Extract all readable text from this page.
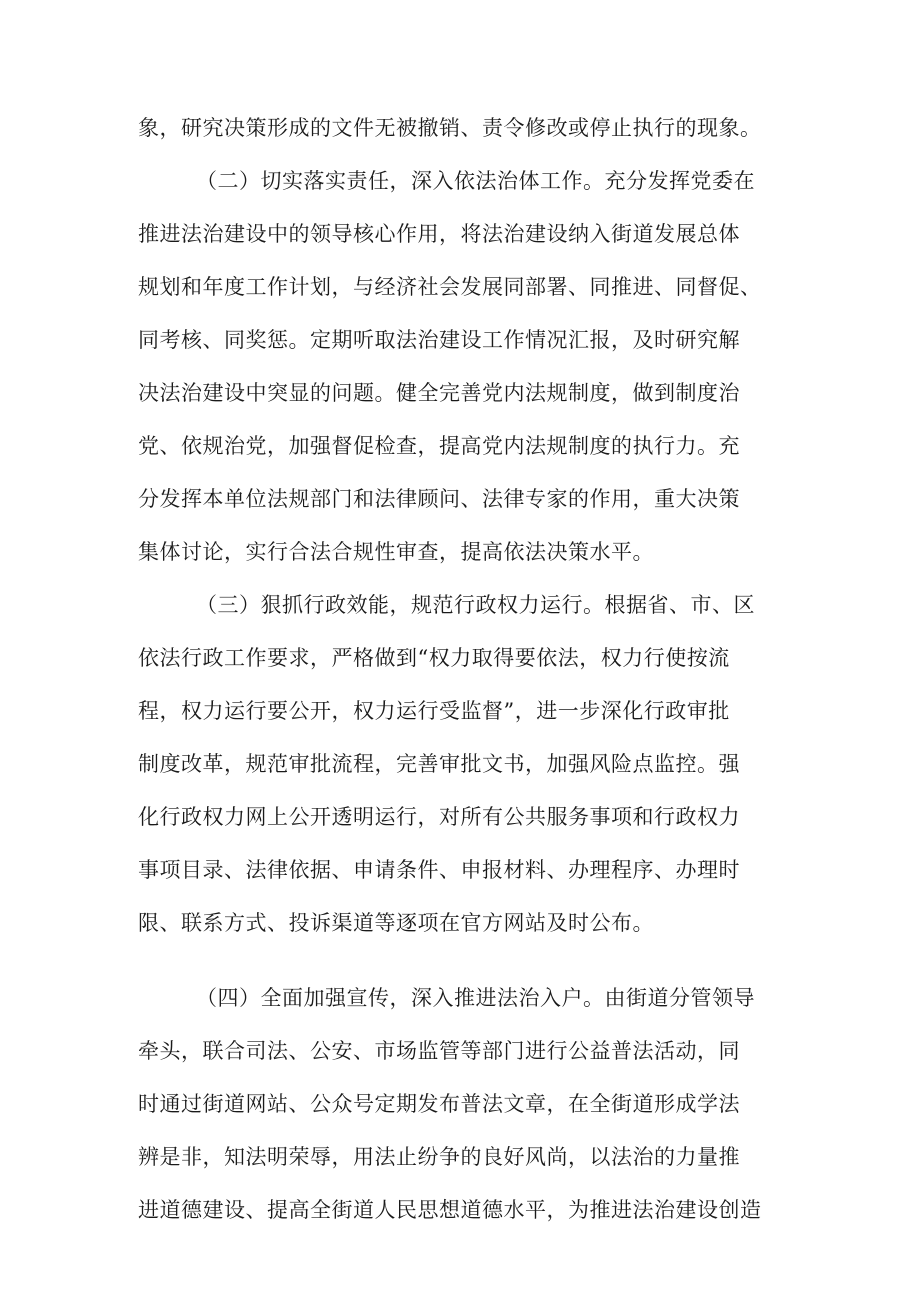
象，研究决策形成的文件无被撤销、责令修改或停止执行的现象。
（二）切实落实责任，深入依法治体工作。充分发挥党委在
推进法治建设中的领导核心作用，将法治建设纳入街道发展总体
规划和年度工作计划，与经济社会发展同部署、同推进、同督促、
同考核、同奖惩。定期听取法治建设工作情况汇报，及时研究解
决法治建设中突显的问题。健全完善党内法规制度，做到制度治
党、依规治党，加强督促检查，提高党内法规制度的执行力。充
分发挥本单位法规部门和法律顾问、法律专家的作用，重大决策
集体讨论，实行合法合规性审查，提高依法决策水平。
（三）狠抓行政效能，规范行政权力运行。根据省、市、区
依法行政工作要求，严格做到“权力取得要依法，权力行使按流
程，权力运行要公开，权力运行受监督”，进一步深化行政审批
制度改革，规范审批流程，完善审批文书，加强风险点监控。强
化行政权力网上公开透明运行，对所有公共服务事项和行政权力
事项目录、法律依据、申请条件、申报材料、办理程序、办理时
限、联系方式、投诉渠道等逐项在官方网站及时公布。
（四）全面加强宣传，深入推进法治入户。由街道分管领导
牵头，联合司法、公安、市场监管等部门进行公益普法活动，同
时通过街道网站、公众号定期发布普法文章，在全街道形成学法
辨是非，知法明荣辱，用法止纷争的良好风尚，以法治的力量推
进道德建设、提高全街道人民思想道德水平，为推进法治建设创造
